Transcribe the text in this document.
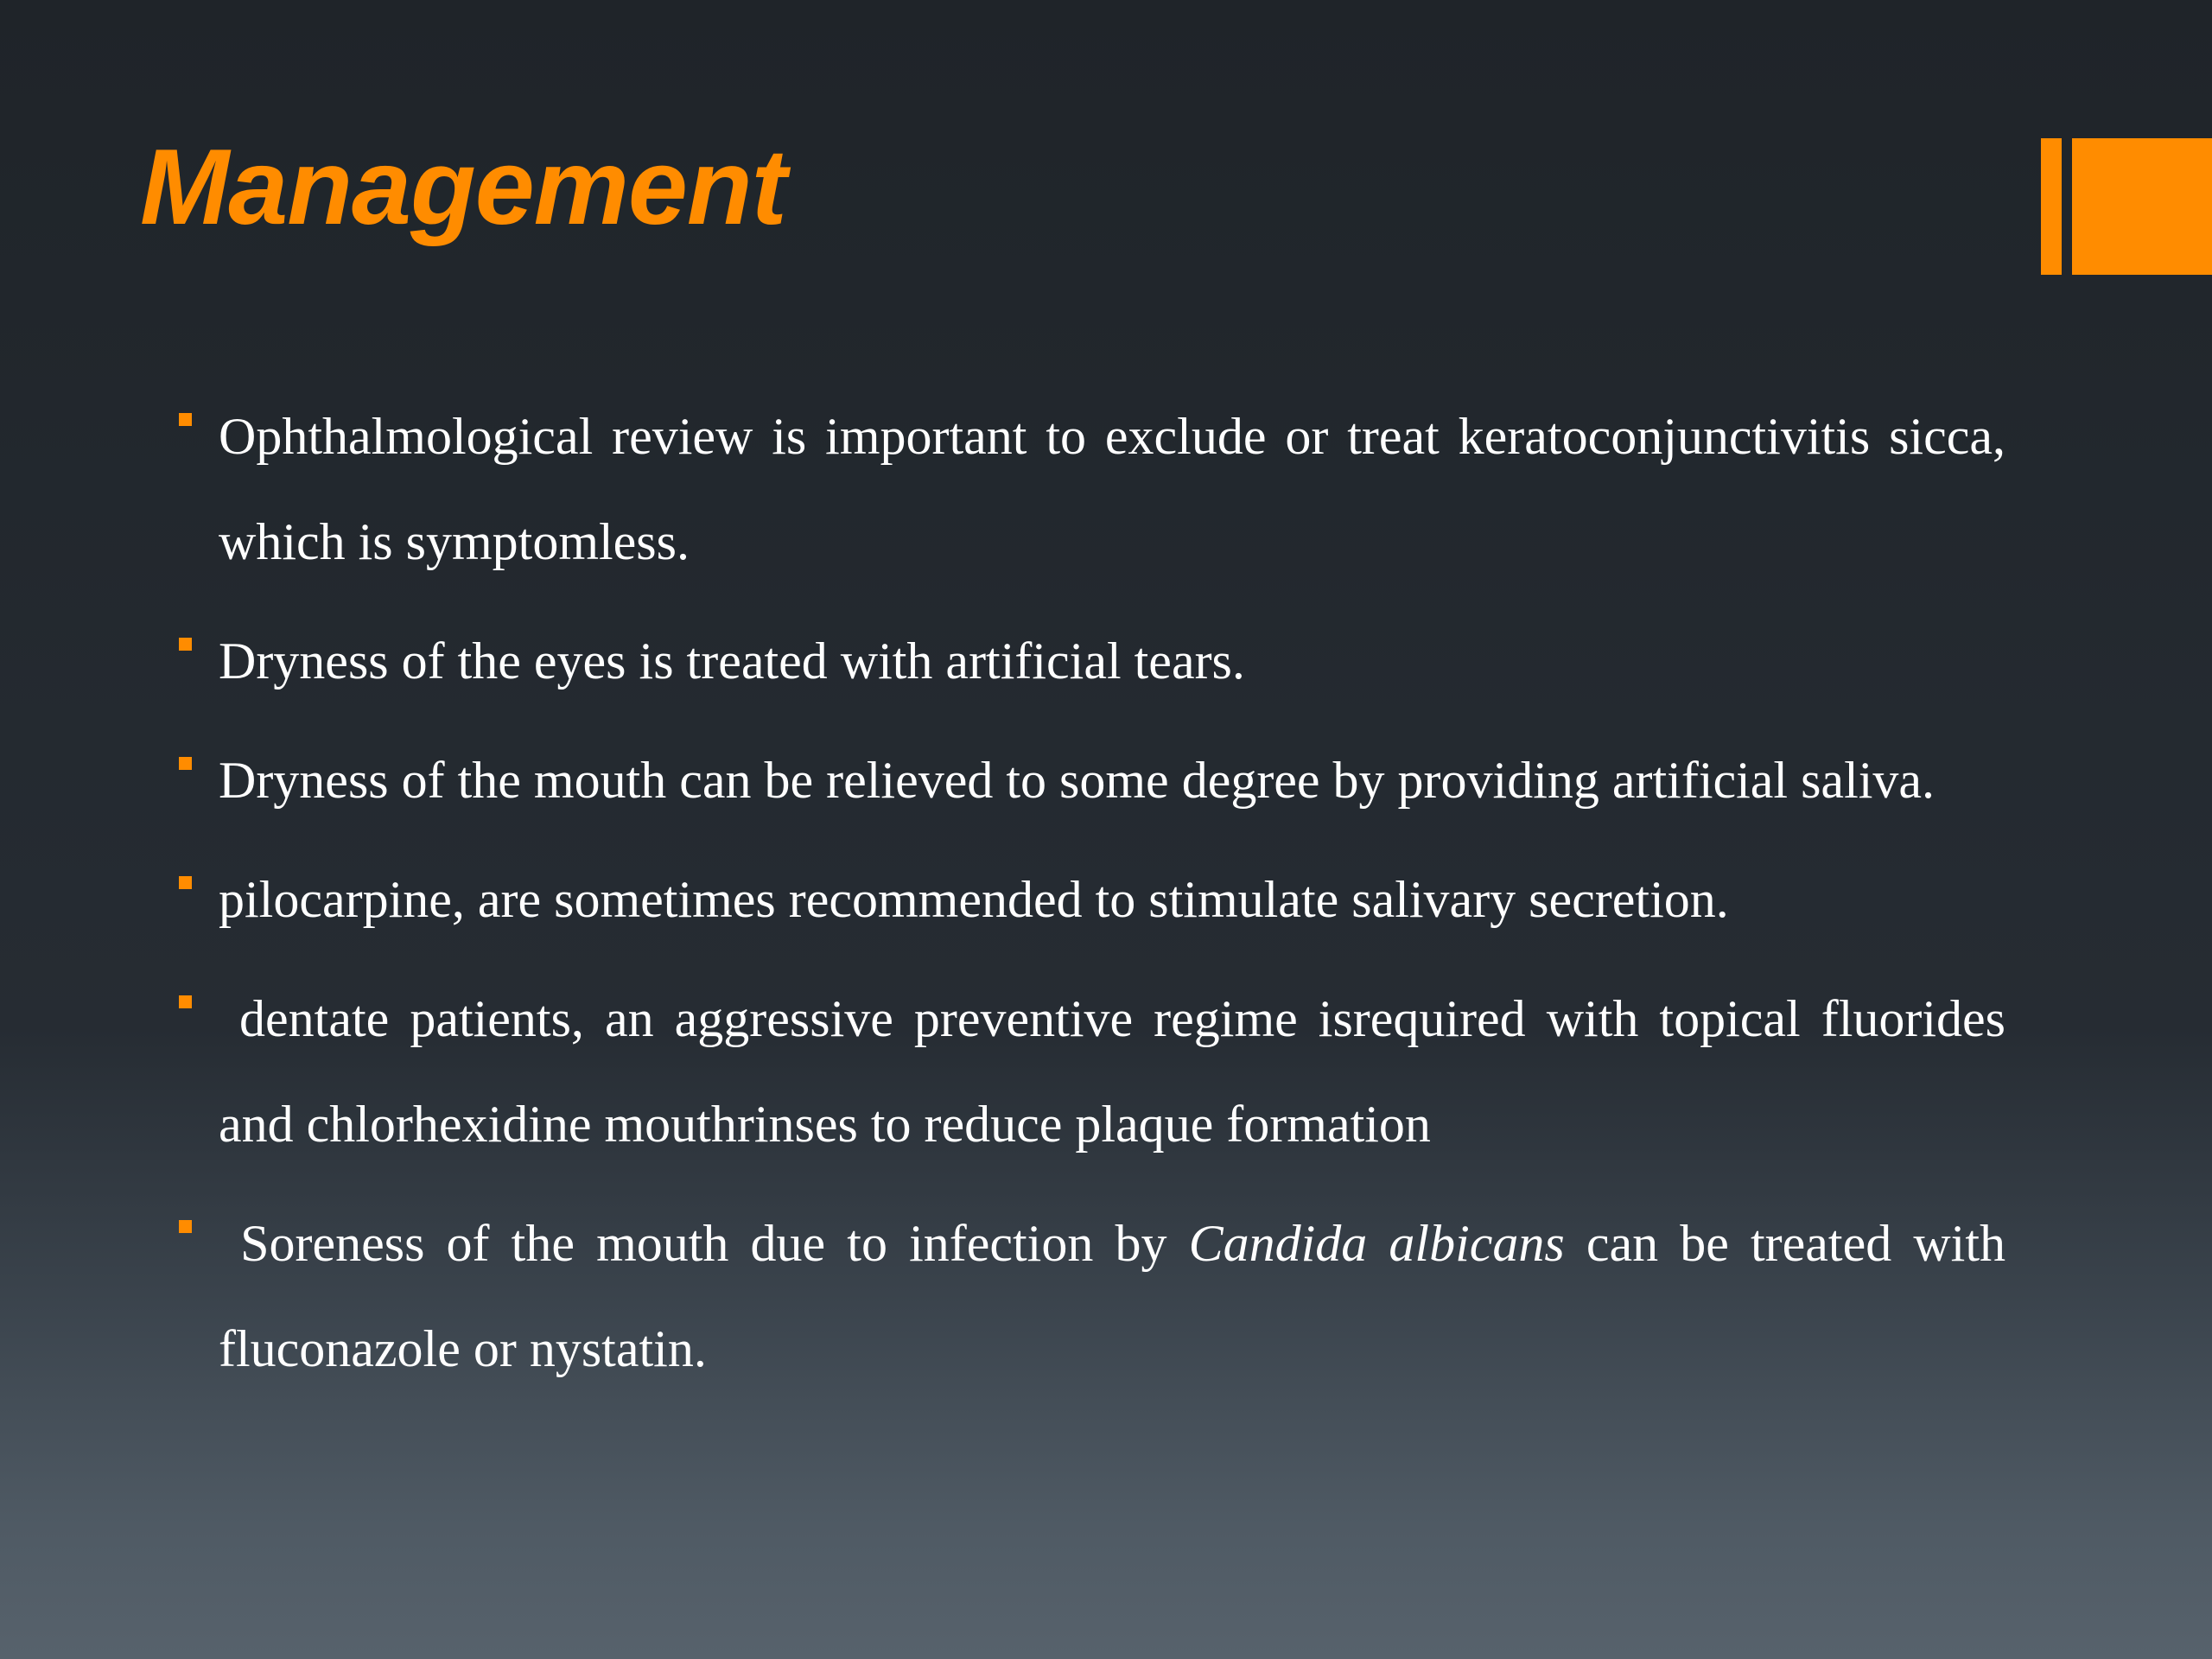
Management
Ophthalmological review is important to exclude or treat keratoconjunctivitis sicca, which is symptomless.
Dryness of the eyes is treated with artificial tears.
Dryness of the mouth can be relieved to some degree by providing artificial saliva.
pilocarpine, are sometimes recommended to stimulate salivary secretion.
dentate patients, an aggressive preventive regime isrequired with topical fluorides and chlorhexidine mouthrinses to reduce plaque formation
Soreness of the mouth due to infection by Candida albicans can be treated with fluconazole or nystatin.
